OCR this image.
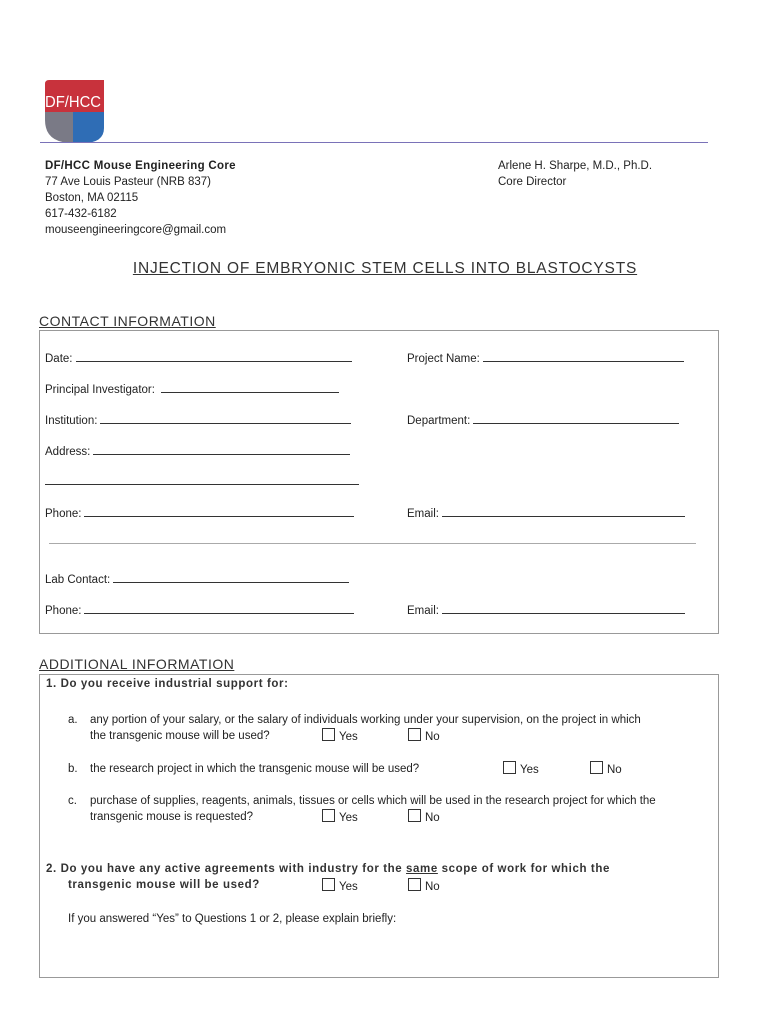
DF/HCC
DF/HCC Mouse Engineering Core
77 Ave Louis Pasteur (NRB 837)
Boston, MA 02115
617-432-6182
mouseengineeringcore@gmail.com
Arlene H. Sharpe, M.D., Ph.D.
Core Director
INJECTION OF EMBRYONIC STEM CELLS INTO BLASTOCYSTS
CONTACT INFORMATION
Date:	Project Name:
Principal Investigator:
Institution:	Department:
Address:
Phone:	Email:
Lab Contact:
Phone:	Email:
ADDITIONAL INFORMATION
1. Do you receive industrial support for:
a. any portion of your salary, or the salary of individuals working under your supervision, on the project in which
the transgenic mouse will be used?	Yes	No
b. the research project in which the transgenic mouse will be used?	Yes	No
c. purchase of supplies, reagents, animals, tissues or cells which will be used in the research project for which the
transgenic mouse is requested?	Yes	No
2. Do you have any active agreements with industry for the same scope of work for which the
transgenic mouse will be used?	Yes	No
If you answered “Yes” to Questions 1 or 2, please explain briefly:
